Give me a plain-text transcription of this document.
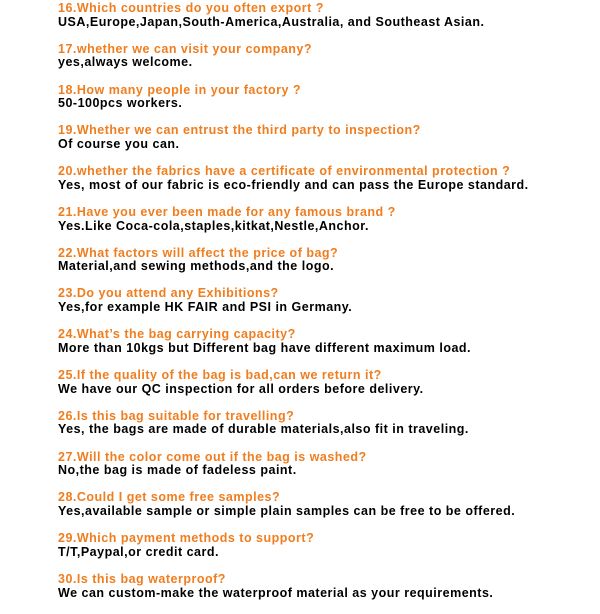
16.Which countries do you often export ?
USA,Europe,Japan,South-America,Australia, and Southeast Asian.
17.whether we can visit your company?
yes,always welcome.
18.How many people in your factory ?
50-100pcs workers.
19.Whether we can entrust the third party to inspection?
Of course you can.
20.whether the fabrics have a certificate of environmental protection ?
Yes, most of our fabric is eco-friendly and can pass the Europe standard.
21.Have you ever been made for any famous brand ?
Yes.Like Coca-cola,staples,kitkat,Nestle,Anchor.
22.What factors will affect the price of bag?
Material,and sewing methods,and the logo.
23.Do you attend any Exhibitions?
Yes,for example HK FAIR and PSI in Germany.
24.What’s the bag carrying capacity?
More than 10kgs but Different bag have different maximum load.
25.If the quality of the bag is bad,can we return it?
We have our QC inspection for all orders before delivery.
26.Is this bag suitable for travelling?
Yes, the bags are made of durable materials,also fit in traveling.
27.Will the color come out if the bag is washed?
No,the bag is made of fadeless paint.
28.Could I get some free samples?
Yes,available sample or simple plain samples can be free to be offered.
29.Which payment methods to support?
T/T,Paypal,or credit card.
30.Is this bag waterproof?
We can custom-make the waterproof material as your requirements.
